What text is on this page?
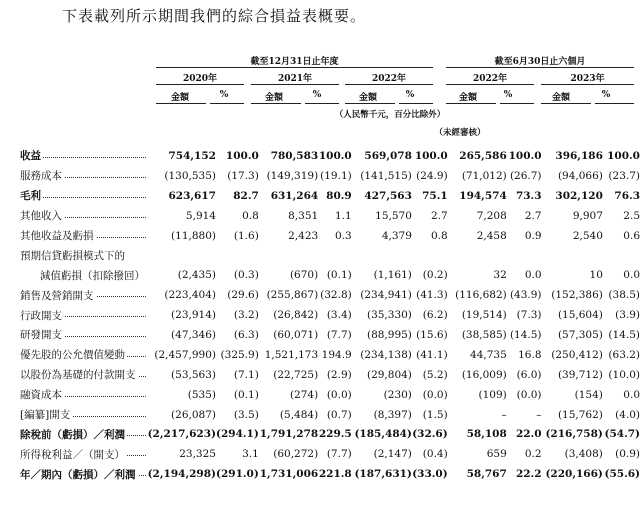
下表載列所示期間我們的綜合損益表概要。
截至12月31日止年度	截至6月30日止六個月
2020年	2021年	2022年	2022年	2023年
金額	%	金額	%	金額	%	金額	%	金額	%
（人民幣千元，百分比除外）
（未經審核）
收益	754,152	100.0	780,583	100.0	569,078	100.0	265,586	100.0	396,186	100.0

服務成本	(130,535)	(17.3)	(149,319)	(19.1)	(141,515)	(24.9)	(71,012)	(26.7)	(94,066)	(23.7)

毛利	623,617	82.7	631,264	80.9	427,563	75.1	194,574	73.3	302,120	76.3

其他收入	5,914	0.8	8,351	1.1	15,570	2.7	7,208	2.7	9,907	2.5

其他收益及虧損	(11,880)	(1.6)	2,423	0.3	4,379	0.8	2,458	0.9	2,540	0.6
預期信貸虧損模式下的										

減值虧損（扣除撥回）	(2,435)	(0.3)	(670)	(0.1)	(1,161)	(0.2)	32	0.0	10	0.0

銷售及營銷開支	(223,404)	(29.6)	(255,867)	(32.8)	(234,941)	(41.3)	(116,682)	(43.9)	(152,386)	(38.5)

行政開支	(23,914)	(3.2)	(26,842)	(3.4)	(35,330)	(6.2)	(19,514)	(7.3)	(15,604)	(3.9)

研發開支	(47,346)	(6.3)	(60,071)	(7.7)	(88,995)	(15.6)	(38,585)	(14.5)	(57,305)	(14.5)

優先股的公允價值變動	(2,457,990)	(325.9)	1,521,173	194.9	(234,138)	(41.1)	44,735	16.8	(250,412)	(63.2)

以股份為基礎的付款開支	(53,563)	(7.1)	(22,725)	(2.9)	(29,804)	(5.2)	(16,009)	(6.0)	(39,712)	(10.0)

融資成本	(535)	(0.1)	(274)	(0.0)	(230)	(0.0)	(109)	(0.0)	(154)	0.0

[編纂]開支	(26,087)	(3.5)	(5,484)	(0.7)	(8,397)	(1.5)	–	–	(15,762)	(4.0)

除稅前（虧損）／利潤	(2,217,623)	(294.1)	1,791,278	229.5	(185,484)	(32.6)	58,108	22.0	(216,758)	(54.7)

所得稅利益／（開支）	23,325	3.1	(60,272)	(7.7)	(2,147)	(0.4)	659	0.2	(3,408)	(0.9)

年／期內（虧損）／利潤	(2,194,298)	(291.0)	1,731,006	221.8	(187,631)	(33.0)	58,767	22.2	(220,166)	(55.6)
